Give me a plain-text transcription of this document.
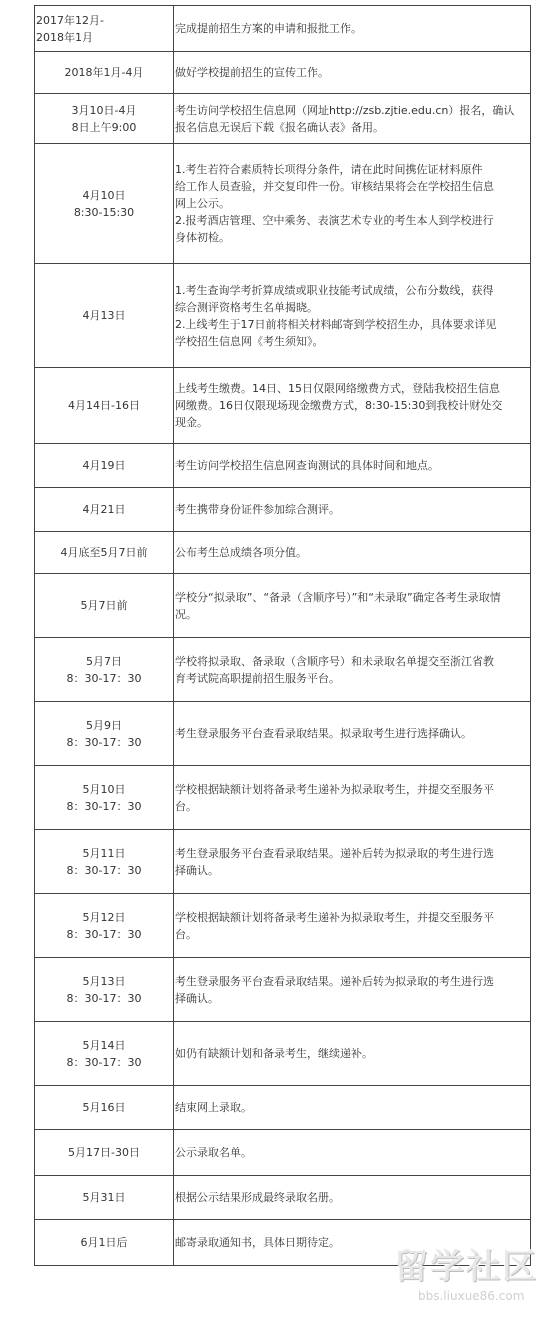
2017年12月-
2018年1月	完成提前招生方案的申请和报批工作。

2018年1月-4月	做好学校提前招生的宣传工作。

3月10日-4月
8日上午9:00	考生访问学校招生信息网（网址http://zsb.zjtie.edu.cn）报名，确认
报名信息无误后下载《报名确认表》备用。

4月10日
8:30-15:30	1.考生若符合素质特长项得分条件，请在此时间携佐证材料原件
给工作人员查验，并交复印件一份。审核结果将会在学校招生信息
网上公示。
2.报考酒店管理、空中乘务、表演艺术专业的考生本人到学校进行
身体初检。

4月13日	1.考生查询学考折算成绩或职业技能考试成绩，公布分数线，获得
综合测评资格考生名单揭晓。
2.上线考生于17日前将相关材料邮寄到学校招生办，具体要求详见
学校招生信息网《考生须知》。

4月14日-16日	上线考生缴费。14日、15日仅限网络缴费方式，登陆我校招生信息
网缴费。16日仅限现场现金缴费方式，8:30-15:30到我校计财处交
现金。

4月19日	考生访问学校招生信息网查询测试的具体时间和地点。

4月21日	考生携带身份证件参加综合测评。

4月底至5月7日前	公布考生总成绩各项分值。

5月7日前	学校分“拟录取”、“备录（含顺序号）”和“未录取”确定各考生录取情
况。

5月7日
8：30-17：30	学校将拟录取、备录取（含顺序号）和未录取名单提交至浙江省教
育考试院高职提前招生服务平台。

5月9日
8：30-17：30	考生登录服务平台查看录取结果。拟录取考生进行选择确认。

5月10日
8：30-17：30	学校根据缺额计划将备录考生递补为拟录取考生，并提交至服务平
台。

5月11日
8：30-17：30	考生登录服务平台查看录取结果。递补后转为拟录取的考生进行选
择确认。

5月12日
8：30-17：30	学校根据缺额计划将备录考生递补为拟录取考生，并提交至服务平
台。

5月13日
8：30-17：30	考生登录服务平台查看录取结果。递补后转为拟录取的考生进行选
择确认。

5月14日
8：30-17：30	如仍有缺额计划和备录考生，继续递补。

5月16日	结束网上录取。

5月17日-30日	公示录取名单。

5月31日	根据公示结果形成最终录取名册。

6月1日后	邮寄录取通知书，具体日期待定。
留学社区
bbs.liuxue86.com
